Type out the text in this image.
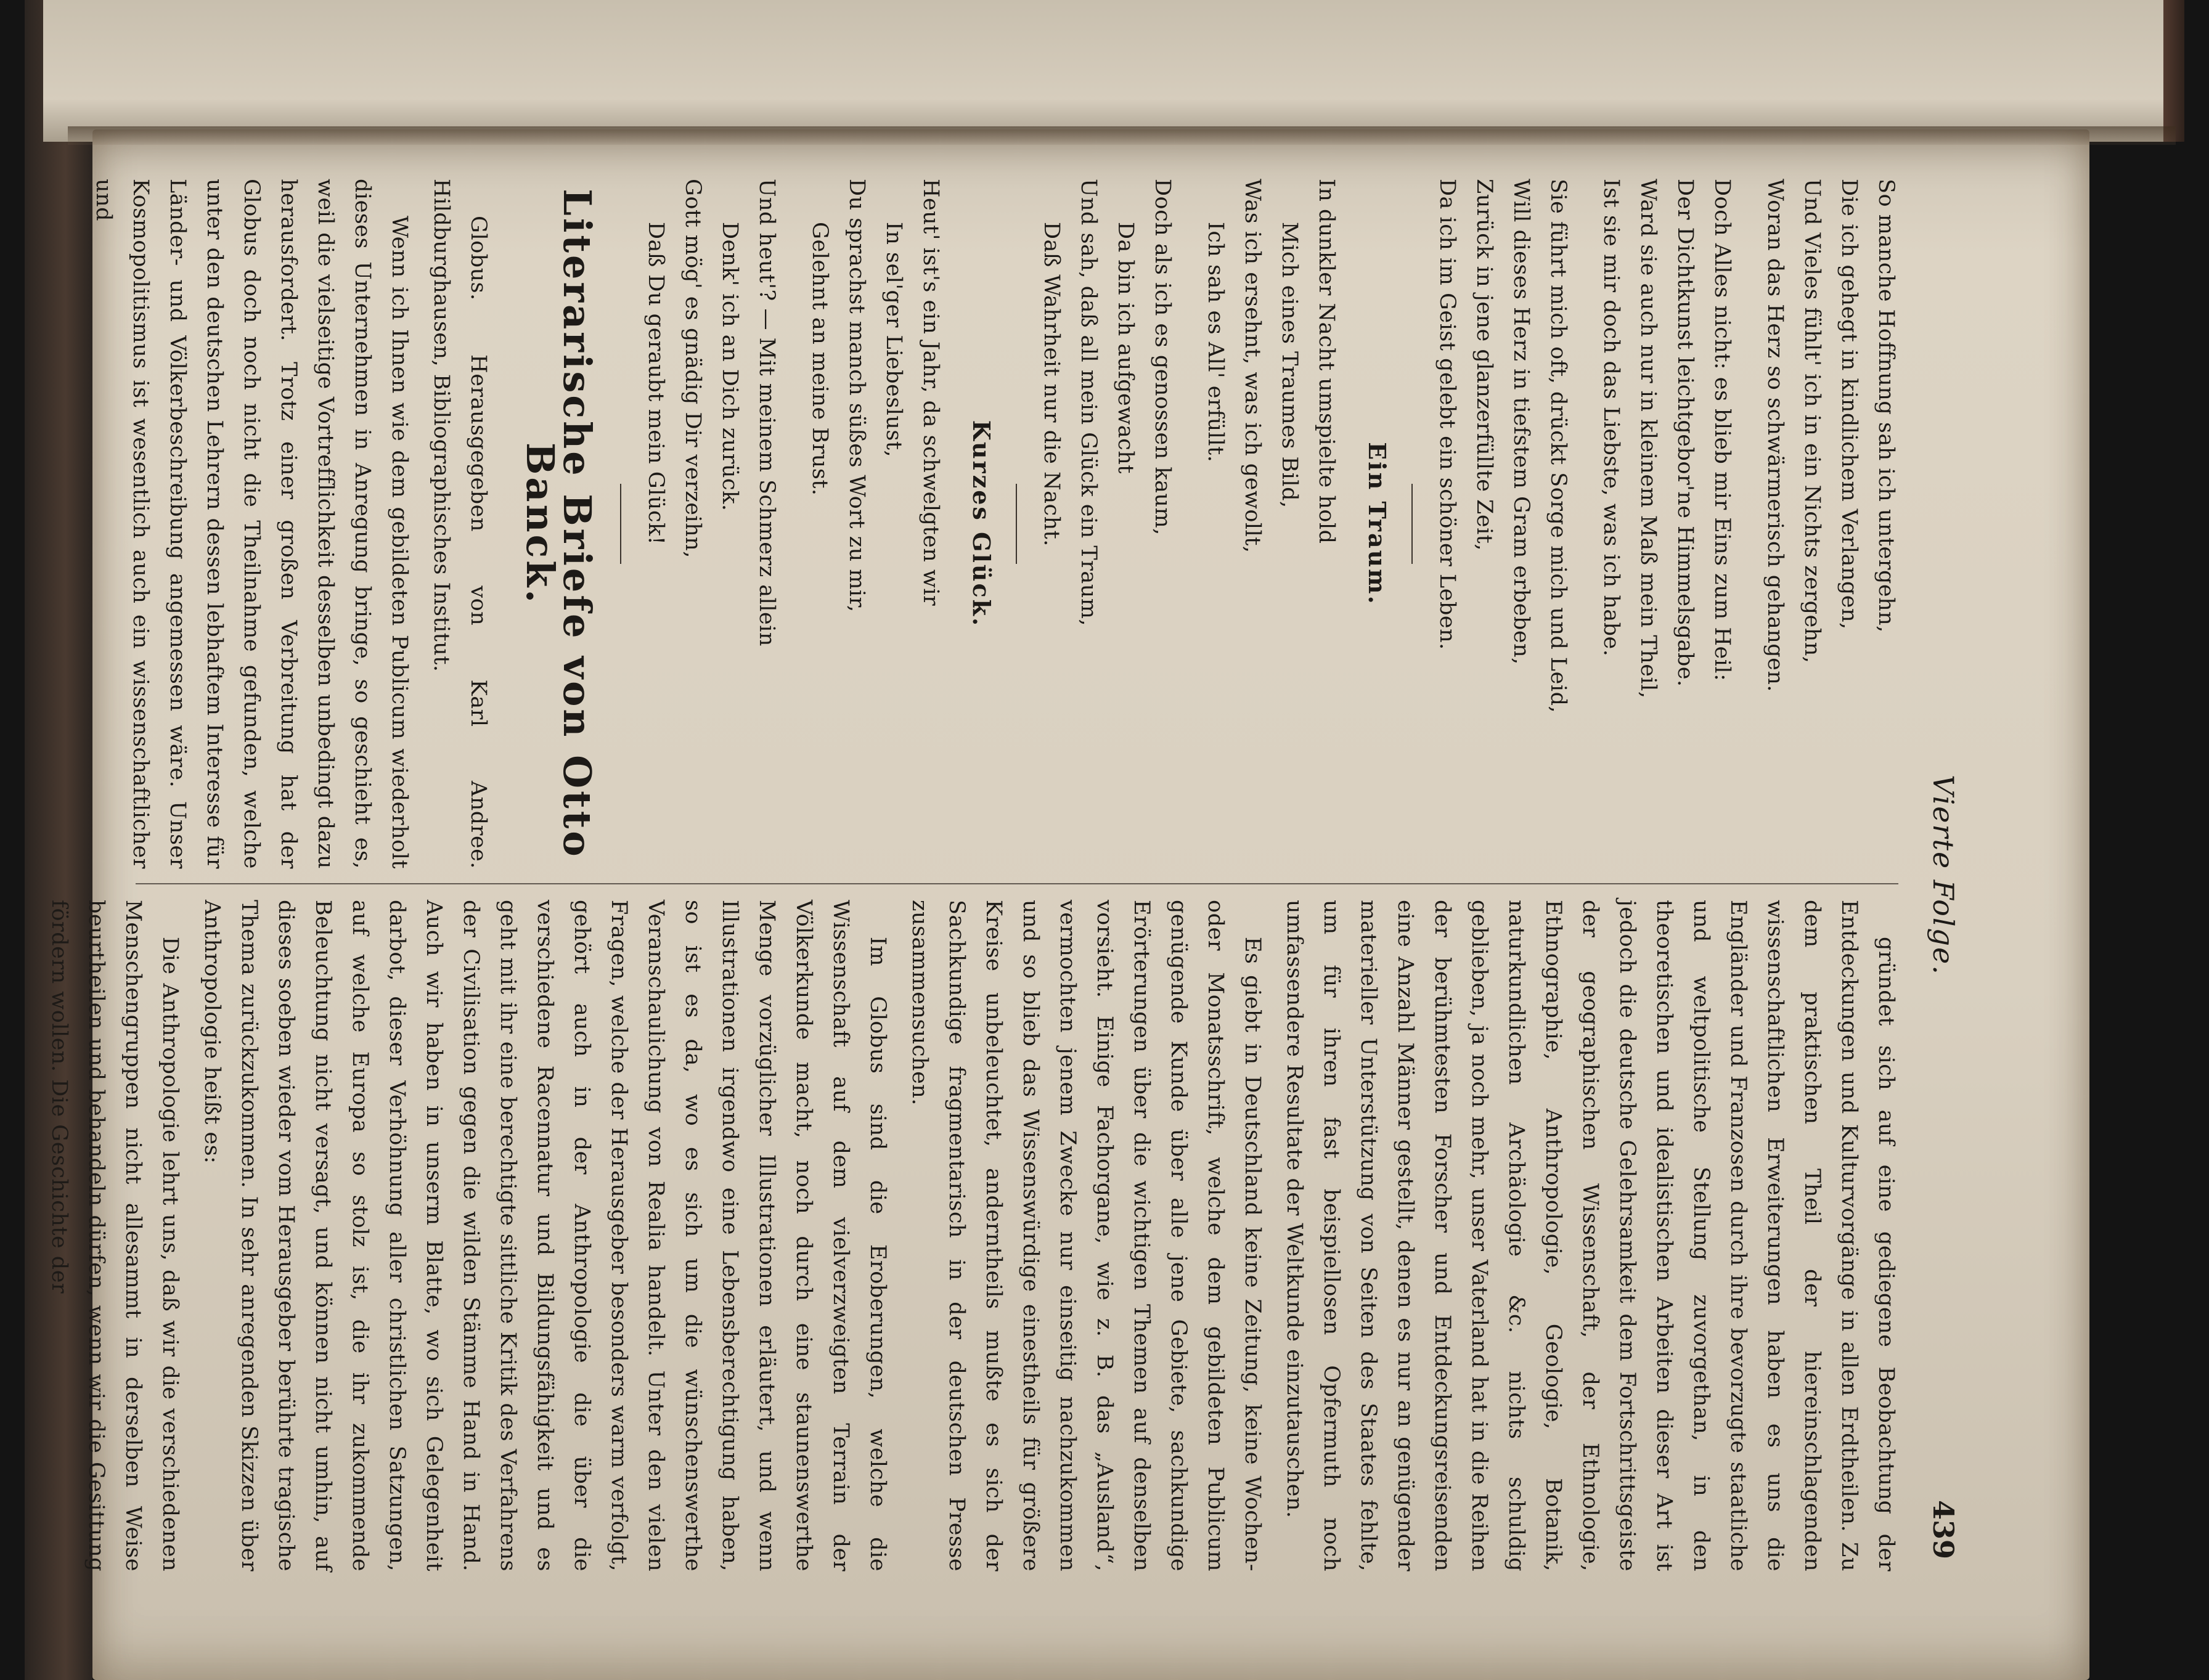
Vierte Folge.
439

So manche Hoffnung sah ich untergehn,

Die ich gehegt in kindlichem Verlangen,

Und Vieles fühlt' ich in ein Nichts zergehn,

Woran das Herz so schwärmerisch gehangen.

Doch Alles nicht: es blieb mir Eins zum Heil:

Der Dichtkunst leichtgebor'ne Himmelsgabe.

Ward sie auch nur in kleinem Maß mein Theil,

Ist sie mir doch das Liebste, was ich habe.

Sie führt mich oft, drückt Sorge mich und Leid,

Will dieses Herz in tiefstem Gram erbeben,

Zurück in jene glanzerfüllte Zeit,

Da ich im Geist gelebt ein schöner Leben.

Ein Traum.

In dunkler Nacht umspielte hold

Mich eines Traumes Bild,

Was ich ersehnt, was ich gewollt,

Ich sah es All' erfüllt.

Doch als ich es genossen kaum,

Da bin ich aufgewacht

Und sah, daß all mein Glück ein Traum,

Daß Wahrheit nur die Nacht.

Kurzes Glück.

Heut' ist's ein Jahr, da schwelgten wir

In sel'ger Liebeslust,

Du sprachst manch süßes Wort zu mir,

Gelehnt an meine Brust.

Und heut'? — Mit meinem Schmerz allein

Denk' ich an Dich zurück.

Gott mög' es gnädig Dir verzeihn,

Daß Du geraubt mein Glück!

Literarische Briefe von Otto Banck.

Globus. Herausgegeben von Karl Andree. Hildburghausen, Bibliographisches Institut.

Wenn ich Ihnen wie dem gebildeten Publicum wiederholt dieses Unternehmen in Anregung bringe, so geschieht es, weil die vielseitige Vortrefflichkeit desselben unbedingt dazu herausfordert. Trotz einer großen Verbreitung hat der Globus doch noch nicht die Theilnahme gefunden, welche unter den deutschen Lehrern dessen lebhaftem Interesse für Länder- und Völkerbeschreibung angemessen wäre. Unser Kosmopolitismus ist wesentlich auch ein wissenschaftlicher und

gründet sich auf eine gediegene Beobachtung der Entdeckungen und Kulturvorgänge in allen Erdtheilen. Zu dem praktischen Theil der hiereinschlagenden wissenschaftlichen Erweiterungen haben es uns die Engländer und Franzosen durch ihre bevorzugte staatliche und weltpolitische Stellung zuvorgethan, in den theoretischen und idealistischen Arbeiten dieser Art ist jedoch die deutsche Gelehrsamkeit dem Fortschrittsgeiste der geographischen Wissenschaft, der Ethnologie, Ethnographie, Anthropologie, Geologie, Botanik, naturkundlichen Archäologie &c. nichts schuldig geblieben, ja noch mehr, unser Vaterland hat in die Reihen der berühmtesten Forscher und Entdeckungsreisenden eine Anzahl Männer gestellt, denen es nur an genügender materieller Unterstützung von Seiten des Staates fehlte, um für ihren fast beispiellosen Opfermuth noch umfassendere Resultate der Weltkunde einzutauschen.

Es giebt in Deutschland keine Zeitung, keine Wochen- oder Monatsschrift, welche dem gebildeten Publicum genügende Kunde über alle jene Gebiete, sachkundige Erörterungen über die wichtigen Themen auf denselben vorsieht. Einige Fachorgane, wie z. B. das „Ausland“, vermochten jenem Zwecke nur einseitig nachzukommen und so blieb das Wissenswürdige einestheils für größere Kreise unbeleuchtet, anderntheils mußte es sich der Sachkundige fragmentarisch in der deutschen Presse zusammensuchen.

Im Globus sind die Eroberungen, welche die Wissenschaft auf dem vielverzweigten Terrain der Völkerkunde macht, noch durch eine staunenswerthe Menge vorzüglicher Illustrationen erläutert, und wenn Illustrationen irgendwo eine Lebensberechtigung haben, so ist es da, wo es sich um die wünschenswerthe Veranschaulichung von Realia handelt. Unter den vielen Fragen, welche der Herausgeber besonders warm verfolgt, gehört auch in der Anthropologie die über die verschiedene Racennatur und Bildungsfähigkeit und es geht mit ihr eine berechtigte sittliche Kritik des Verfahrens der Civilisation gegen die wilden Stämme Hand in Hand. Auch wir haben in unserm Blatte, wo sich Gelegenheit darbot, dieser Verhöhnung aller christlichen Satzungen, auf welche Europa so stolz ist, die ihr zukommende Beleuchtung nicht versagt, und können nicht umhin, auf dieses soeben wieder vom Herausgeber berührte tragische Thema zurückzukommen. In sehr anregenden Skizzen über Anthropologie heißt es:

Die Anthropologie lehrt uns, daß wir die verschiedenen Menschengruppen nicht allesammt in derselben Weise beurtheilen und behandeln dürfen, wenn wir die Gesittung fördern wollen. Die Geschichte der
